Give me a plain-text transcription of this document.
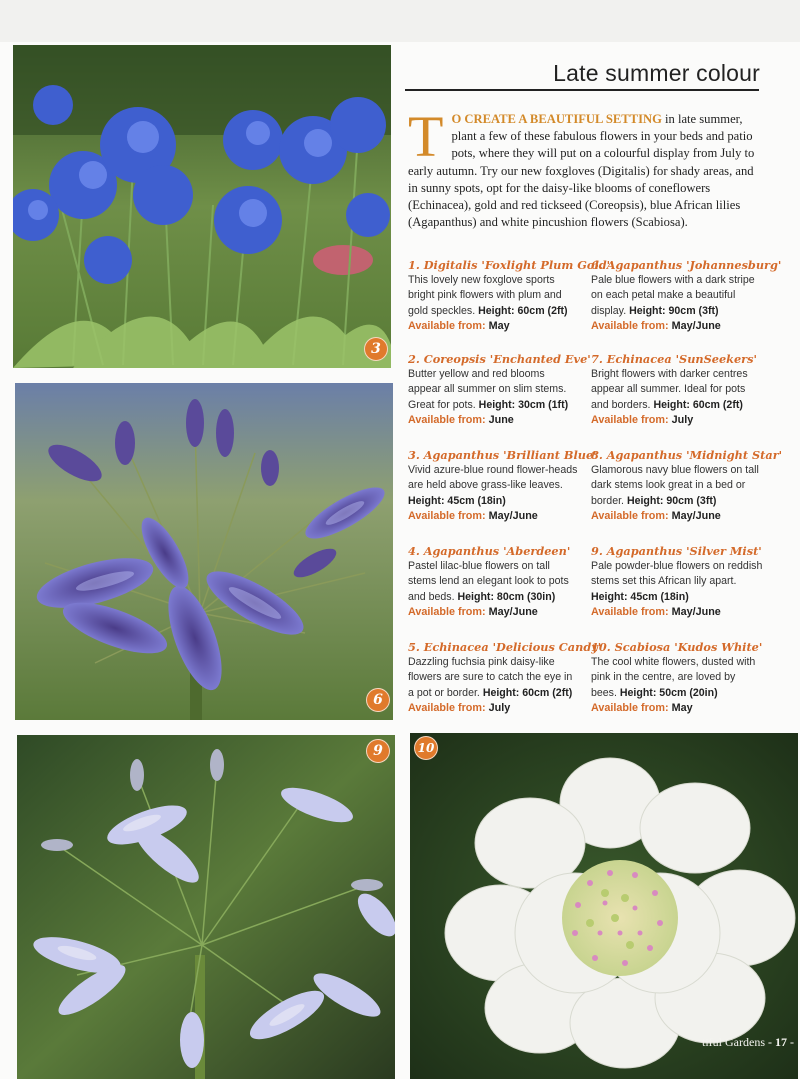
3
6
9	10
Late summer colour
T O CREATE A BEAUTIFUL SETTING in late summer, plant a few of these fabulous flowers in your beds and patio pots, where they will put on a colourful display from July to early autumn. Try our new foxgloves (Digitalis) for shady areas, and in sunny spots, opt for the daisy-like blooms of coneflowers (Echinacea), gold and red tickseed (Coreopsis), blue African lilies (Agapanthus) and white pincushion flowers (Scabiosa).
1. Digitalis 'Foxlight Plum Gold'
This lovely new foxglove sports bright pink flowers with plum and gold speckles. Height: 60cm (2ft)
Available from: May
2. Coreopsis 'Enchanted Eve'
Butter yellow and red blooms appear all summer on slim stems. Great for pots. Height: 30cm (1ft)
Available from: June
3. Agapanthus 'Brilliant Blue'
Vivid azure-blue round flower-heads are held above grass-like leaves. Height: 45cm (18in)
Available from: May/June
4. Agapanthus 'Aberdeen'
Pastel lilac-blue flowers on tall stems lend an elegant look to pots and beds. Height: 80cm (30in)
Available from: May/June
5. Echinacea 'Delicious Candy'
Dazzling fuchsia pink daisy-like flowers are sure to catch the eye in a pot or border. Height: 60cm (2ft)
Available from: July
6. Agapanthus 'Johannesburg'
Pale blue flowers with a dark stripe on each petal make a beautiful display. Height: 90cm (3ft)
Available from: May/June
7. Echinacea 'SunSeekers'
Bright flowers with darker centres appear all summer. Ideal for pots and borders. Height: 60cm (2ft)
Available from: July
8. Agapanthus 'Midnight Star'
Glamorous navy blue flowers on tall dark stems look great in a bed or border. Height: 90cm (3ft)
Available from: May/June
9. Agapanthus 'Silver Mist'
Pale powder-blue flowers on reddish stems set this African lily apart. Height: 45cm (18in)
Available from: May/June
10. Scabiosa 'Kudos White'
The cool white flowers, dusted with pink in the centre, are loved by bees. Height: 50cm (20in)
Available from: May
tiful Gardens - 17 -
